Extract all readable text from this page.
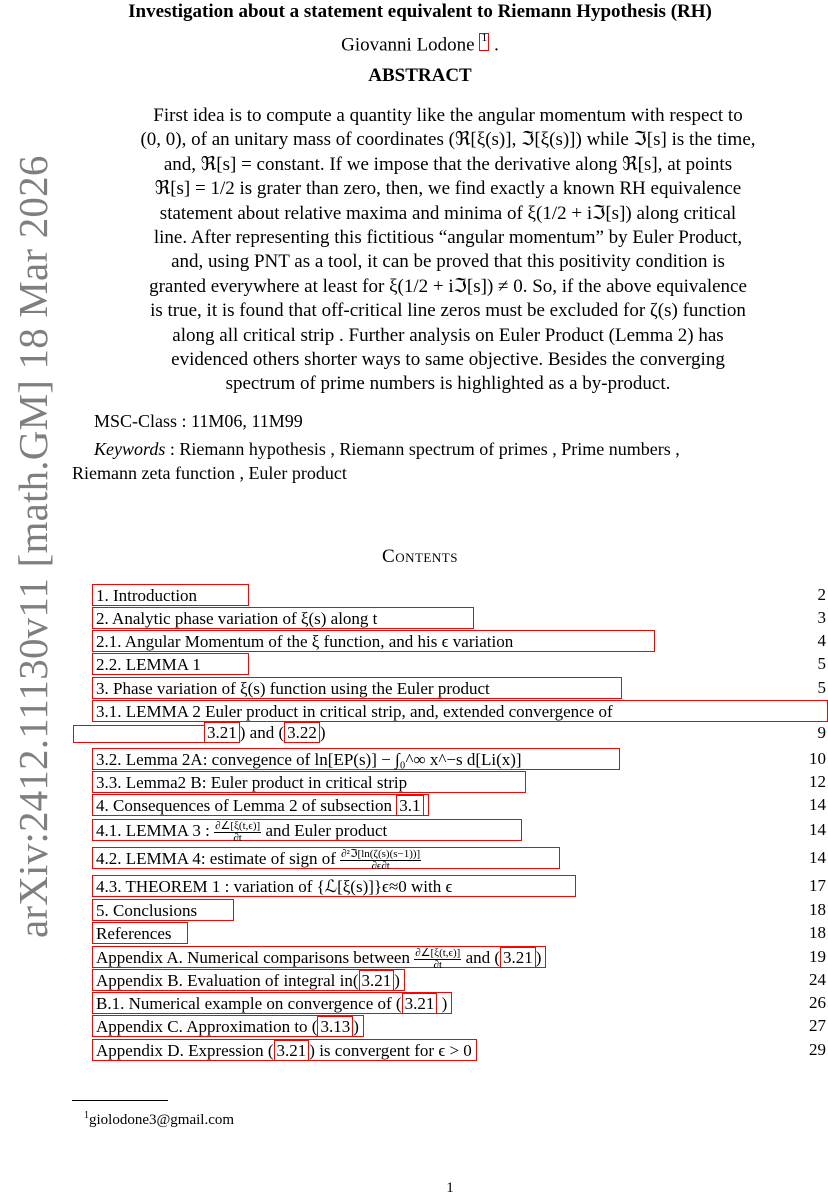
arXiv:2412.11130v11 [math.GM] 18 Mar 2026
Investigation about a statement equivalent to Riemann Hypothesis (RH)
Giovanni Lodone $^1$ .
ABSTRACT
First idea is to compute a quantity like the angular momentum with respect to
(0, 0), of an unitary mass of coordinates (ℜ[ξ(s)], ℑ[ξ(s)]) while ℑ[s] is the time,
and, ℜ[s] = constant. If we impose that the derivative along ℜ[s], at points
ℜ[s] = 1/2 is grater than zero, then, we find exactly a known RH equivalence
statement about relative maxima and minima of ξ(1/2 + iℑ[s]) along critical
line. After representing this fictitious “angular momentum” by Euler Product,
and, using PNT as a tool, it can be proved that this positivity condition is
granted everywhere at least for ξ(1/2 + iℑ[s]) ≠ 0. So, if the above equivalence
is true, it is found that off-critical line zeros must be excluded for ζ(s) function
along all critical strip . Further analysis on Euler Product (Lemma 2) has
evidenced others shorter ways to same objective. Besides the converging
spectrum of prime numbers is highlighted as a by-product.
MSC-Class : 11M06, 11M99
Keywords : Riemann hypothesis , Riemann spectrum of primes , Prime numbers ,
Riemann zeta function , Euler product
Contents
1. Introduction	2
2. Analytic phase variation of ξ(s) along t	3
2.1. Angular Momentum of the ξ function, and his ϵ variation	4
2.2. LEMMA 1	5
3. Phase variation of ξ(s) function using the Euler product	5
3.1. LEMMA 2 Euler product in critical strip, and, extended convergence of
3.21 ) and ( 3.22 )	9
3.2. Lemma 2A: convegence of ln[EP(s)] − ∫₀^∞ x^−s d[Li(x)]	10
3.3. Lemma2 B: Euler product in critical strip	12
4. Consequences of Lemma 2 of subsection 3.1	14
4.1. LEMMA 3 : $\frac{\partial\angle[\xi(t,\epsilon)]}{\partial t}$ and Euler product	14
4.2. LEMMA 4: estimate of sign of $\frac{\text{∂²ℑ[ln(ζ(s)(s−1))]}}{\partial\epsilon\partial t}$	14
4.3. THEOREM 1 : variation of {ℒ[ξ(s)]}ϵ≈0 with ϵ	17
5. Conclusions	18
References	18
Appendix A. Numerical comparisons between $\frac{\partial\angle[\xi(t,\epsilon)]}{\partial t}$ and ( 3.21 )	19
Appendix B. Evaluation of integral in( 3.21 )	24
B.1. Numerical example on convergence of ( 3.21 )	26
Appendix C. Approximation to ( 3.13 )	27
Appendix D. Expression ( 3.21 ) is convergent for ϵ > 0	29
$^1$giolodone3@gmail.com
1
